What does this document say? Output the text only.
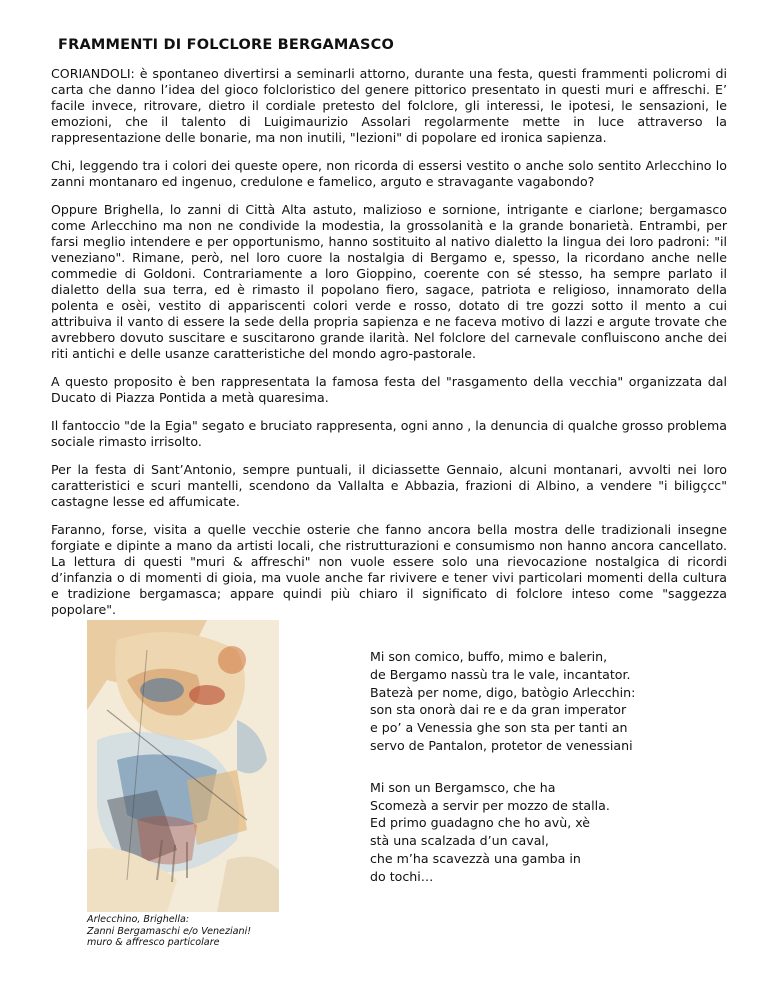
FRAMMENTI DI FOLCLORE BERGAMASCO

CORIANDOLI: è spontaneo divertirsi a seminarli attorno, durante una festa, questi frammenti policromi di carta che danno l’idea del gioco folcloristico del genere pittorico presentato in questi muri e affreschi. E’ facile invece, ritrovare, dietro il cordiale pretesto del folclore, gli interessi, le ipotesi, le sensazioni, le emozioni, che il talento di Luigimaurizio Assolari regolarmente mette in luce attraverso la rappresentazione delle bonarie, ma non inutili, "lezioni" di popolare ed ironica sapienza.

Chi, leggendo tra i colori dei queste opere, non ricorda di essersi vestito o anche solo sentito Arlecchino lo zanni montanaro ed ingenuo, credulone e famelico, arguto e stravagante vagabondo?

Oppure Brighella, lo zanni di Città Alta astuto, malizioso e sornione, intrigante e ciarlone; bergamasco come Arlecchino ma non ne condivide la modestia, la grossolanità e la grande bonarietà. Entrambi, per farsi meglio intendere e per opportunismo, hanno sostituito al nativo dialetto la lingua dei loro padroni: "il veneziano". Rimane, però, nel loro cuore la nostalgia di Bergamo e, spesso, la ricordano anche nelle commedie di Goldoni. Contrariamente a loro Gioppino, coerente con sé stesso, ha sempre parlato il dialetto della sua terra, ed è rimasto il popolano fiero, sagace, patriota e religioso, innamorato della polenta e osèi, vestito di appariscenti colori verde e rosso, dotato di tre gozzi sotto il mento a cui attribuiva il vanto di essere la sede della propria sapienza e ne faceva motivo di lazzi e argute trovate che avrebbero dovuto suscitare e suscitarono grande ilarità. Nel folclore del carnevale confluiscono anche dei riti antichi e delle usanze caratteristiche del mondo agro-pastorale.

A questo proposito è ben rappresentata la famosa festa del "rasgamento della vecchia" organizzata dal Ducato di Piazza Pontida a metà quaresima.

Il fantoccio "de la Egia" segato e bruciato rappresenta, ogni anno , la denuncia di qualche grosso problema sociale rimasto irrisolto.

Per la festa di Sant’Antonio, sempre puntuali, il diciassette Gennaio, alcuni montanari, avvolti nei loro caratteristici e scuri mantelli, scendono da Vallalta e Abbazia, frazioni di Albino, a vendere "i biligçcc" castagne lesse ed affumicate.

Faranno, forse, visita a quelle vecchie osterie che fanno ancora bella mostra delle tradizionali insegne forgiate e dipinte a mano da artisti locali, che ristrutturazioni e consumismo non hanno ancora cancellato. La lettura di questi "muri & affreschi" non vuole essere solo una rievocazione nostalgica di ricordi d’infanzia o di momenti di gioia, ma vuole anche far rivivere e tener vivi particolari momenti della cultura e tradizione bergamasca; appare quindi più chiaro il significato di folclore inteso come "saggezza popolare".

Arlecchino, Brighella:
Zanni Bergamaschi e/o Veneziani!
muro & affresco particolare
Mi son comico, buffo, mimo e balerin,
de Bergamo nassù tra le vale, incantator.
Batezà per nome, digo, batògio Arlecchin:
son sta onorà dai re e da gran imperator
e po’ a Venessia ghe son sta per tanti an
servo de Pantalon, protetor de venessiani
Mi son un Bergamsco, che ha
Scomezà a servir per mozzo de stalla.
Ed primo guadagno che ho avù, xè
stà una scalzada d’un caval,
che m’ha scavezzà una gamba in
do tochi…
